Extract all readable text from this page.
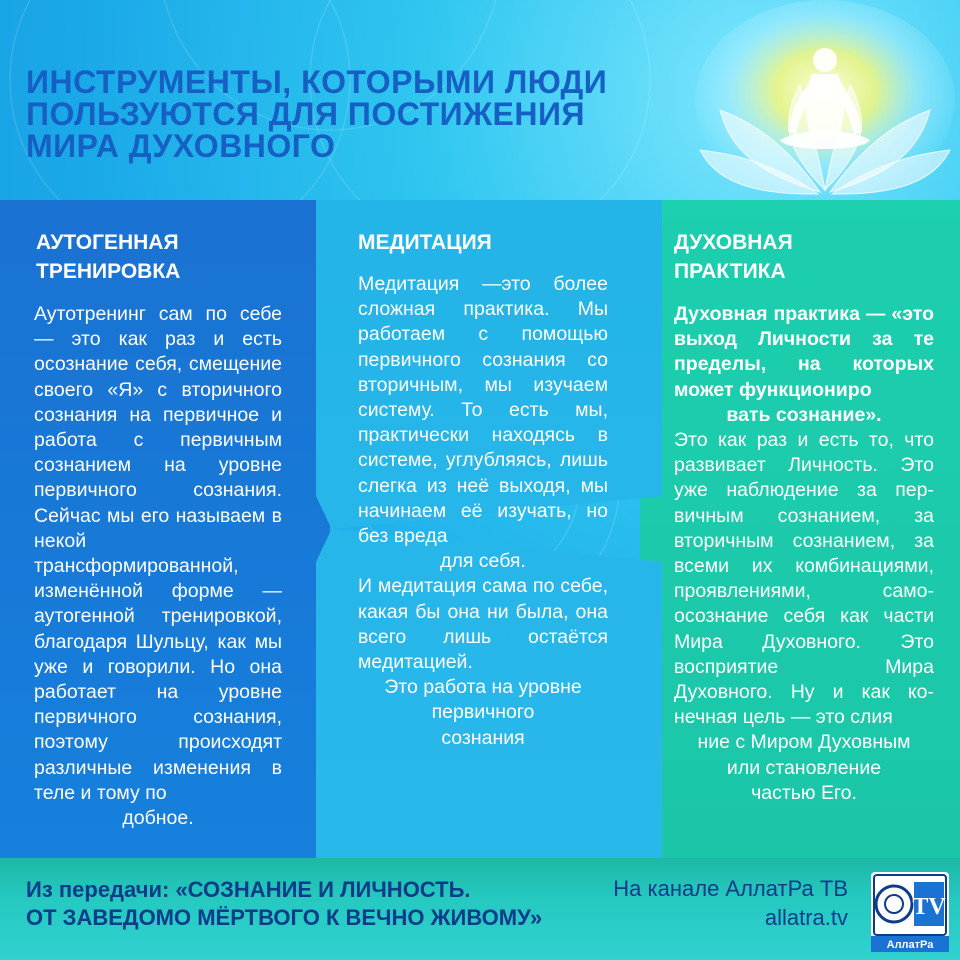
ИНСТРУМЕНТЫ, КОТОРЫМИ ЛЮДИ
ПОЛЬЗУЮТСЯ ДЛЯ ПОСТИЖЕНИЯ
МИРА ДУХОВНОГО
АУТОГЕННАЯ
ТРЕНИРОВКА

Аутотренинг сам по себе — это как раз и есть осознание себя, смещение своего «Я» с вторичного сознания на первичное и работа с первичным сознанием на уровне первичного сознания. Сейчас мы его называем в некой трансформированной, изменённой форме — аутогенной тренировкой, благодаря Шульцу, как мы уже и говорили. Но она работает на уровне первичного сознания, поэтому происходят различные изменения в теле и тому по

добное.

МЕДИТАЦИЯ

Медитация —это более сложная практика. Мы работаем с помощью первичного сознания со вторичным, мы изучаем систему. То есть мы, практически находясь в системе, углубляясь, лишь слегка из неё выходя, мы начинаем её изучать, но без вреда

для себя.

И медитация сама по себе, какая бы она ни была, она всего лишь остаётся медитацией.

Это работа на уровне

первичного

сознания

ДУХОВНАЯ
ПРАКТИКА

Духовная практика — «это выход Личности за те пределы, на которых может функциониро

вать сознание».

Это как раз и есть то, что развивает Личность. Это уже наблюдение за первичным сознанием, за вторичным сознанием, за всеми их комбинациями, проявлениями, самоосознание себя как части Мира Духовного. Это восприятие Мира Духовного. Ну и как конечная цель — это слия

ние с Миром Духовным

или становление

частью Его.

Из передачи: «СОЗНАНИЕ И ЛИЧНОСТЬ.
ОТ ЗАВЕДОМО МЁРТВОГО К ВЕЧНО ЖИВОМУ»
На канале АллатРа ТВ
allatra.tv	TV
АллатРа
